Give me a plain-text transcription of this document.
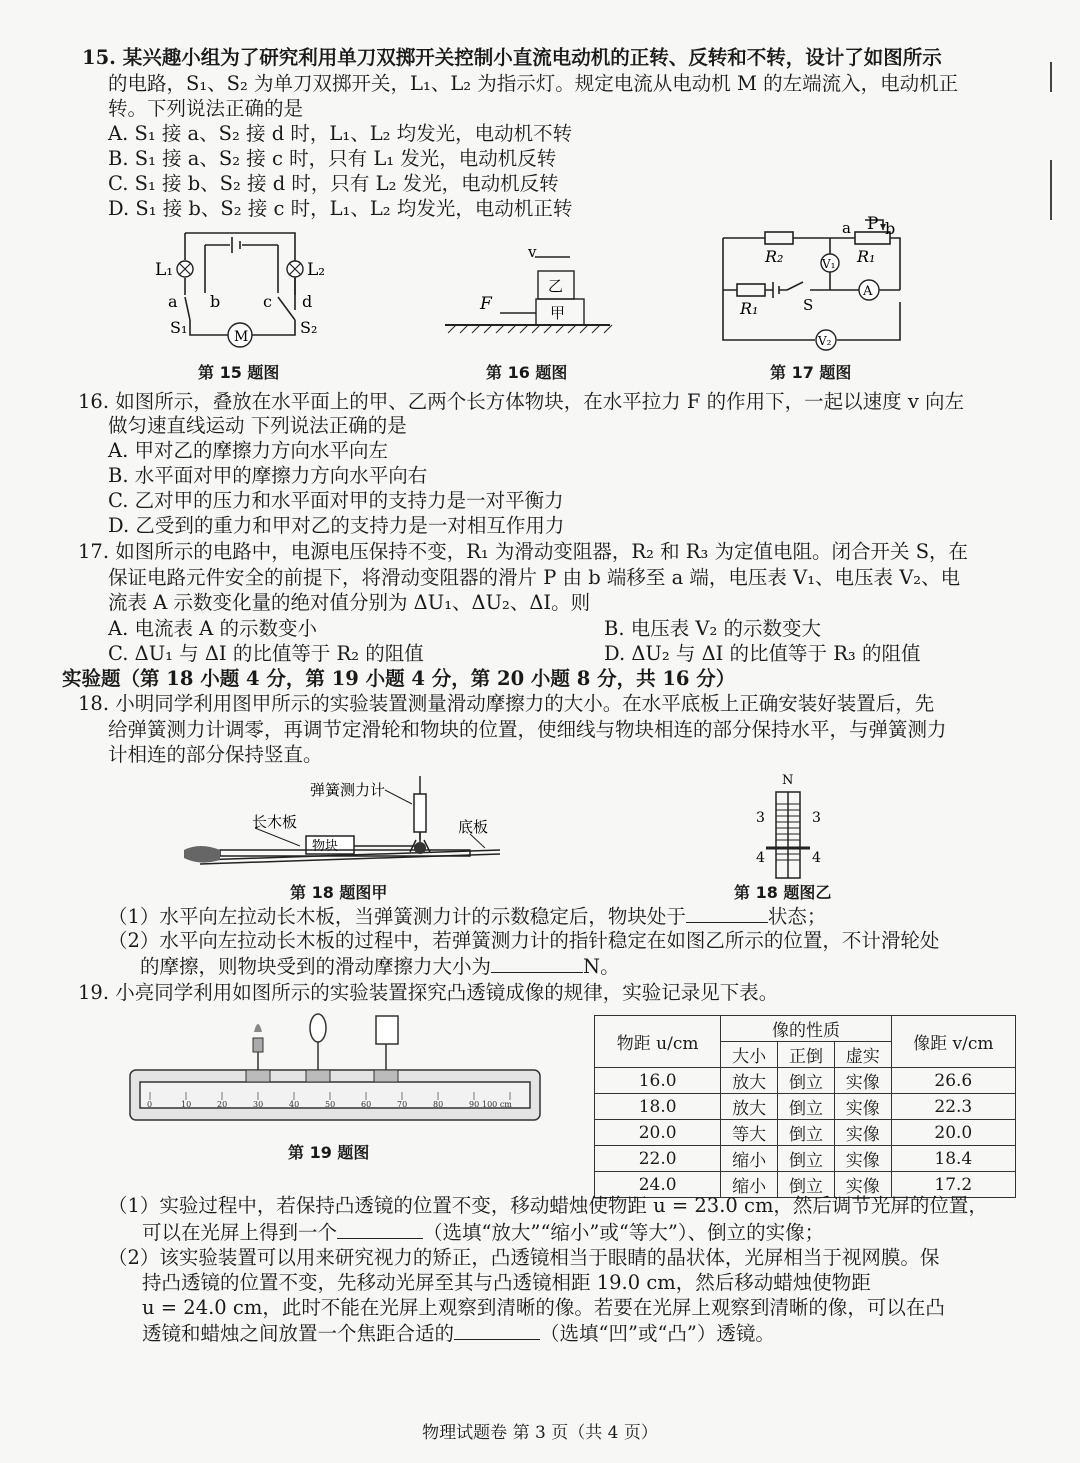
15. 某兴趣小组为了研究利用单刀双掷开关控制小直流电动机的正转、反转和不转，设计了如图所示
的电路，S₁、S₂ 为单刀双掷开关，L₁、L₂ 为指示灯。规定电流从电动机 M 的左端流入，电动机正
转。下列说法正确的是
A. S₁ 接 a、S₂ 接 d 时，L₁、L₂ 均发光，电动机不转
B. S₁ 接 a、S₂ 接 c 时，只有 L₁ 发光，电动机反转
C. S₁ 接 b、S₂ 接 d 时，只有 L₂ 发光，电动机反转
D. S₁ 接 b、S₂ 接 c 时，L₁、L₂ 均发光，电动机正转
L₁	L₂
a b	c d
S₁	S₂
M
第 15 题图
v
乙
甲
F
第 16 题图
a P b
R₂	V₁ R₁
A
R₁	S
V₂
第 17 题图
16. 如图所示，叠放在水平面上的甲、乙两个长方体物块，在水平拉力 F 的作用下，一起以速度 v 向左
做匀速直线运动 下列说法正确的是
A. 甲对乙的摩擦力方向水平向左
B. 水平面对甲的摩擦力方向水平向右
C. 乙对甲的压力和水平面对甲的支持力是一对平衡力
D. 乙受到的重力和甲对乙的支持力是一对相互作用力
17. 如图所示的电路中，电源电压保持不变，R₁ 为滑动变阻器，R₂ 和 R₃ 为定值电阻。闭合开关 S，在
保证电路元件安全的前提下，将滑动变阻器的滑片 P 由 b 端移至 a 端，电压表 V₁、电压表 V₂、电
流表 A 示数变化量的绝对值分别为 ΔU₁、ΔU₂、ΔI。则
A. 电流表 A 的示数变小	B. 电压表 V₂ 的示数变大
C. ΔU₁ 与 ΔI 的比值等于 R₂ 的阻值	D. ΔU₂ 与 ΔI 的比值等于 R₃ 的阻值
实验题（第 18 小题 4 分，第 19 小题 4 分，第 20 小题 8 分，共 16 分）
18. 小明同学利用图甲所示的实验装置测量滑动摩擦力的大小。在水平底板上正确安装好装置后，先
给弹簧测力计调零，再调节定滑轮和物块的位置，使细线与物块相连的部分保持水平，与弹簧测力
计相连的部分保持竖直。
弹簧测力计
长木板	底板
物块
第 18 题图甲
N
3	3
4	4
第 18 题图乙
（1）水平向左拉动长木板，当弹簧测力计的示数稳定后，物块处于	状态；
（2）水平向左拉动长木板的过程中，若弹簧测力计的指针稳定在如图乙所示的位置，不计滑轮处
的摩擦，则物块受到的滑动摩擦力大小为	N。
19. 小亮同学利用如图所示的实验装置探究凸透镜成像的规律，实验记录见下表。
0	10	20	30	40	50	60	70	80	90 100 cm
第 19 题图
物距 u/cm	像的性质			像距 v/cm
	大小	正倒	虚实	
16.0	放大	倒立	实像	26.6
18.0	放大	倒立	实像	22.3
20.0	等大	倒立	实像	20.0
22.0	缩小	倒立	实像	18.4
24.0	缩小	倒立	实像	17.2
（1）实验过程中，若保持凸透镜的位置不变，移动蜡烛使物距 u = 23.0 cm，然后调节光屏的位置，
可以在光屏上得到一个	（选填“放大”“缩小”或“等大”）、倒立的实像；
（2）该实验装置可以用来研究视力的矫正，凸透镜相当于眼睛的晶状体，光屏相当于视网膜。保
持凸透镜的位置不变，先移动光屏至其与凸透镜相距 19.0 cm，然后移动蜡烛使物距
u = 24.0 cm，此时不能在光屏上观察到清晰的像。若要在光屏上观察到清晰的像，可以在凸
透镜和蜡烛之间放置一个焦距合适的	（选填“凹”或“凸”）透镜。
物理试题卷 第 3 页（共 4 页）
